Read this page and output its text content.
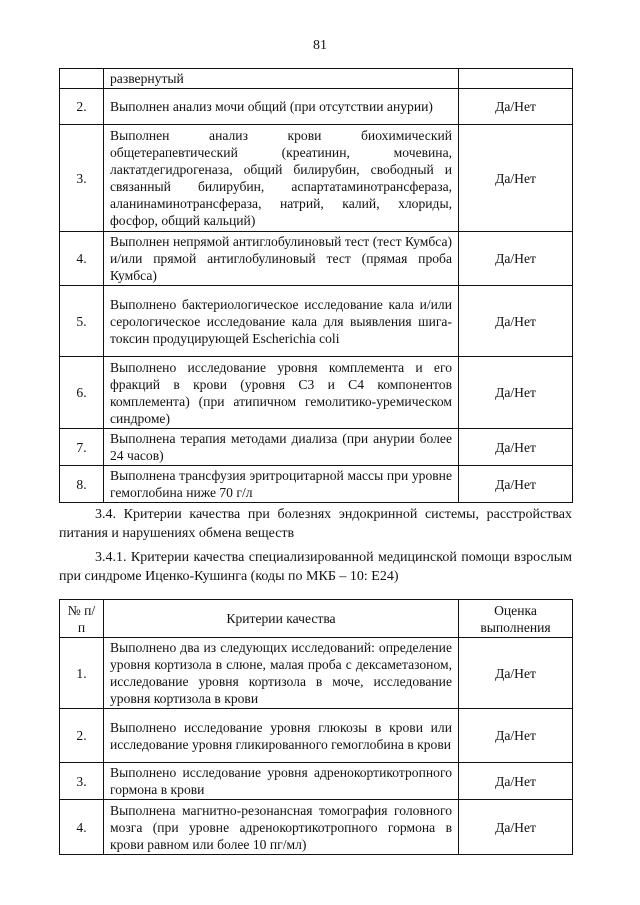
81
	развернутый	
2.	Выполнен анализ мочи общий (при отсутствии анурии)	Да/Нет
3.	Выполнен анализ крови биохимический общетерапевтический (креатинин, мочевина, лактатдегидрогеназа, общий билирубин, свободный и связанный билирубин, аспартатаминотрансфераза, аланинаминотрансфераза, натрий, калий, хлориды, фосфор, общий кальций)	Да/Нет
4.	Выполнен непрямой антиглобулиновый тест (тест Кумбса) и/или прямой антиглобулиновый тест (прямая проба Кумбса)	Да/Нет
5.	Выполнено бактериологическое исследование кала и/или серологическое исследование кала для выявления шига-токсин продуцирующей Escherichia coli	Да/Нет
6.	Выполнено исследование уровня комплемента и его фракций в крови (уровня С3 и С4 компонентов комплемента) (при атипичном гемолитико-уремическом синдроме)	Да/Нет
7.	Выполнена терапия методами диализа (при анурии более 24 часов)	Да/Нет
8.	Выполнена трансфузия эритроцитарной массы при уровне гемоглобина ниже 70 г/л	Да/Нет

3.4. Критерии качества при болезнях эндокринной системы, расстройствах питания и нарушениях обмена веществ

3.4.1. Критерии качества специализированной медицинской помощи взрослым при синдроме Иценко-Кушинга (коды по МКБ – 10: E24)

№ п/п	Критерии качества	Оценка выполнения
1.	Выполнено два из следующих исследований: определение уровня кортизола в слюне, малая проба с дексаметазоном, исследование уровня кортизола в моче, исследование уровня кортизола в крови	Да/Нет
2.	Выполнено исследование уровня глюкозы в крови или исследование уровня гликированного гемоглобина в крови	Да/Нет
3.	Выполнено исследование уровня адренокортикотропного гормона в крови	Да/Нет
4.	Выполнена магнитно-резонансная томография головного мозга (при уровне адренокортикотропного гормона в крови равном или более 10 пг/мл)	Да/Нет
